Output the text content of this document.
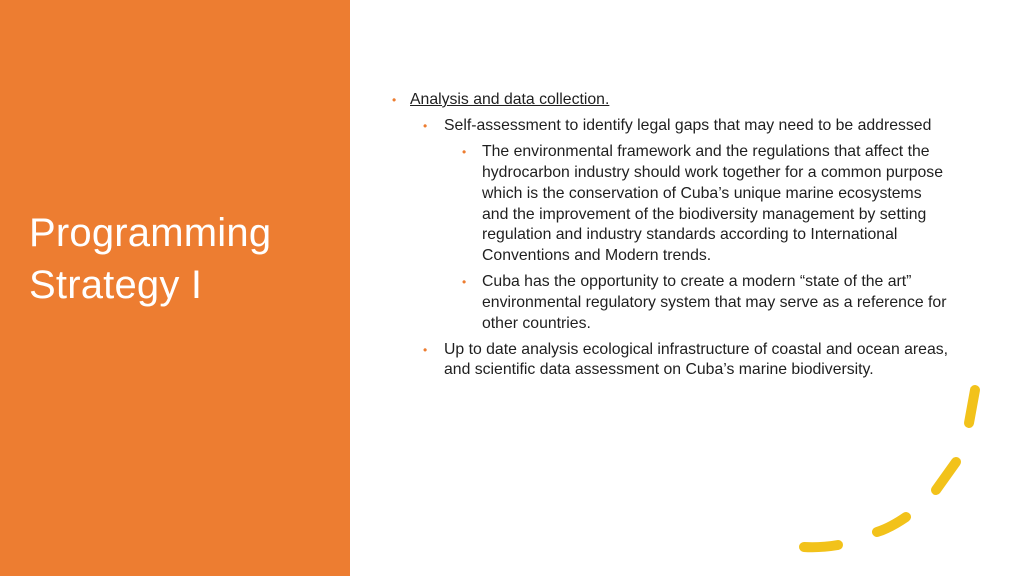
Programming
Strategy I
• Analysis and data collection.
• Self-assessment to identify legal gaps that may need to be addressed
• The environmental framework and the regulations that affect the hydrocarbon industry should work together for a common purpose which is the conservation of Cuba’s unique marine ecosystems and the improvement of the biodiversity management by setting regulation and industry standards according to International Conventions and Modern trends.
• Cuba has the opportunity to create a modern “state of the art” environmental regulatory system that may serve as a reference for other countries.
• Up to date analysis ecological infrastructure of coastal and ocean areas, and scientific data assessment on Cuba’s marine biodiversity.
